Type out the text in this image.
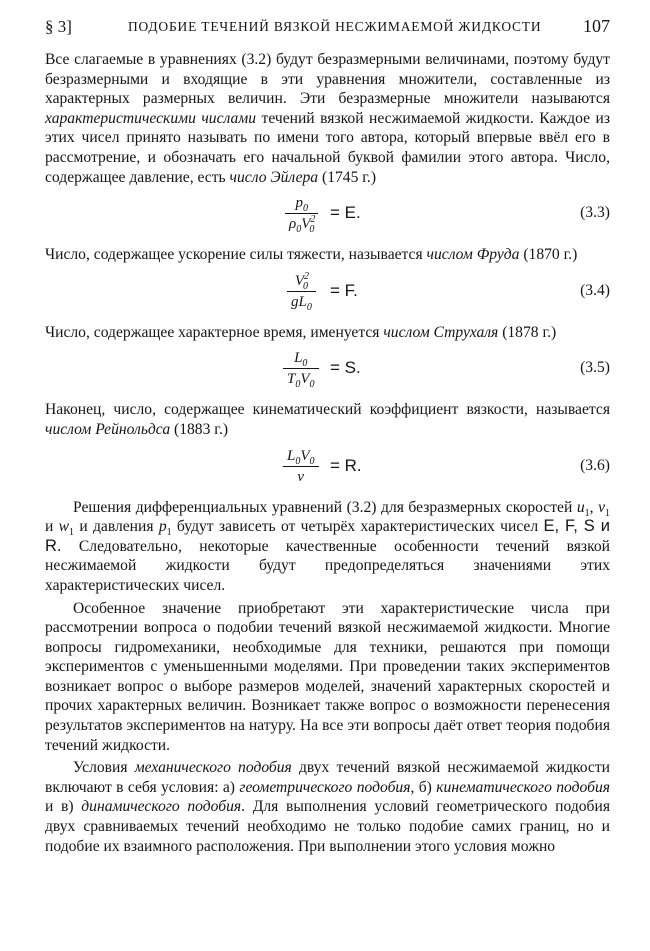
§ 3]	ПОДОБИЕ ТЕЧЕНИЙ ВЯЗКОЙ НЕСЖИМАЕМОЙ ЖИДКОСТИ 107

Все слагаемые в уравнениях (3.2) будут безразмерными величинами, поэтому будут безразмерными и входящие в эти уравнения множители, составленные из характерных размерных величин. Эти безразмерные множители называются характеристическими числами течений вязкой несжимаемой жидкости. Каждое из этих чисел принято называть по имени того автора, который впервые ввёл его в рассмотрение, и обозначать его начальной буквой фамилии этого автора. Число, содержащее давление, есть число Эйлера (1745 г.)

$\frac{p_0}{\rho_0V^2_0} = E$.	(3.3)

Число, содержащее ускорение силы тяжести, называется числом Фруда (1870 г.)

$\frac{V^2_0}{gL_0} = F$.	(3.4)

Число, содержащее характерное время, именуется числом Струхаля (1878 г.)

$\frac{L_0}{T_0V_0} = S$.	(3.5)

Наконец, число, содержащее кинематический коэффициент вязкости, называется числом Рейнольдса (1883 г.)

$\frac{L_0V_0}{\nu} = R$.	(3.6)

Решения дифференциальных уравнений (3.2) для безразмерных скоростей $u_1$, $v_1$ и $w_1$ и давления $p_1$ будут зависеть от четырёх характеристических чисел E, F, S и R. Следовательно, некоторые качественные особенности течений вязкой несжимаемой жидкости будут предопределяться значениями этих характеристических чисел.

Особенное значение приобретают эти характеристические числа при рассмотрении вопроса о подобии течений вязкой несжимаемой жидкости. Многие вопросы гидромеханики, необходимые для техники, решаются при помощи экспериментов с уменьшенными моделями. При проведении таких экспериментов возникает вопрос о выборе размеров моделей, значений характерных скоростей и прочих характерных величин. Возникает также вопрос о возможности перенесения результатов экспериментов на натуру. На все эти вопросы даёт ответ теория подобия течений жидкости.

Условия механического подобия двух течений вязкой несжимаемой жидкости включают в себя условия: а) геометрического подобия, б) кинематического подобия и в) динамического подобия. Для выполнения условий геометрического подобия двух сравниваемых течений необходимо не только подобие самих границ, но и подобие их взаимного расположения. При выполнении этого условия можно
